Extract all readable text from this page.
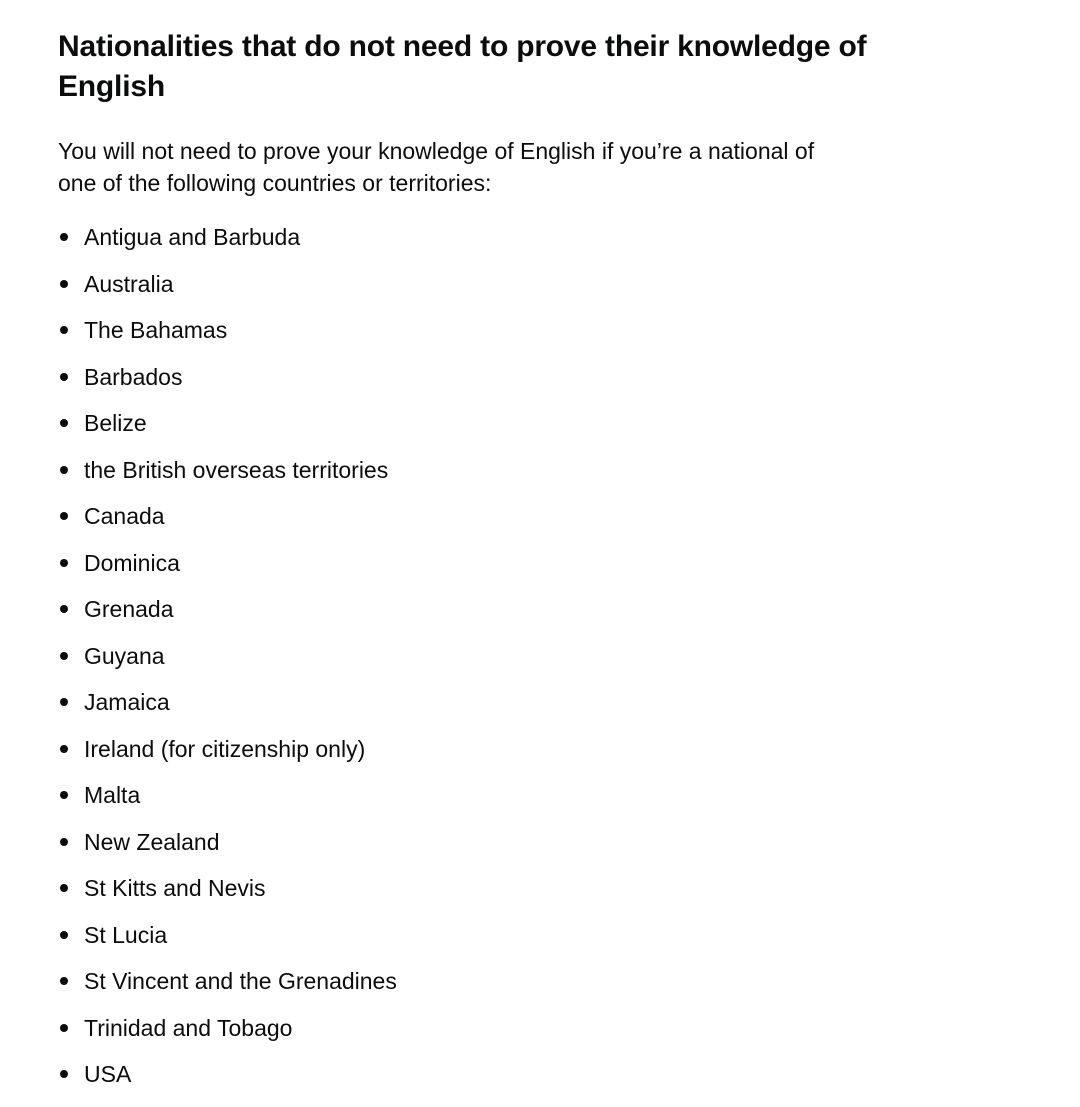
Nationalities that do not need to prove their knowledge of English

You will not need to prove your knowledge of English if you’re a national of one of the following countries or territories:

Antigua and Barbuda
Australia
The Bahamas
Barbados
Belize
the British overseas territories
Canada
Dominica
Grenada
Guyana
Jamaica
Ireland (for citizenship only)
Malta
New Zealand
St Kitts and Nevis
St Lucia
St Vincent and the Grenadines
Trinidad and Tobago
USA
